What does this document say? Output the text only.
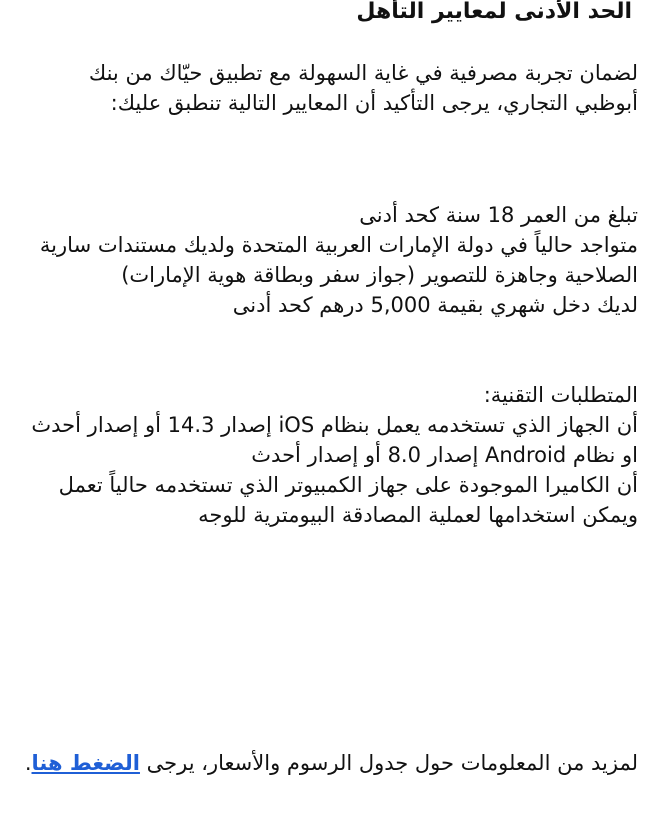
الحد الأدنى لمعايير التأهل

لضمان تجربة مصرفية في غاية السهولة مع تطبيق حيّاك من بنك أبوظبي التجاري، يرجى التأكيد أن المعايير التالية تنطبق عليك:

تبلغ من العمر 18 سنة كحد أدنى
متواجد حالياً في دولة الإمارات العربية المتحدة ولديك مستندات سارية الصلاحية وجاهزة للتصوير (جواز سفر وبطاقة هوية الإمارات)
لديك دخل شهري بقيمة 5,000 درهم كحد أدنى
المتطلبات التقنية:
أن الجهاز الذي تستخدمه يعمل بنظام iOS إصدار 14.3 أو إصدار أحدث او نظام Android إصدار 8.0 أو إصدار أحدث
أن الكاميرا الموجودة على جهاز الكمبيوتر الذي تستخدمه حالياً تعمل ويمكن استخدامها لعملية المصادقة البيومترية للوجه

لمزيد من المعلومات حول جدول الرسوم والأسعار، يرجى الضغط هنا.
